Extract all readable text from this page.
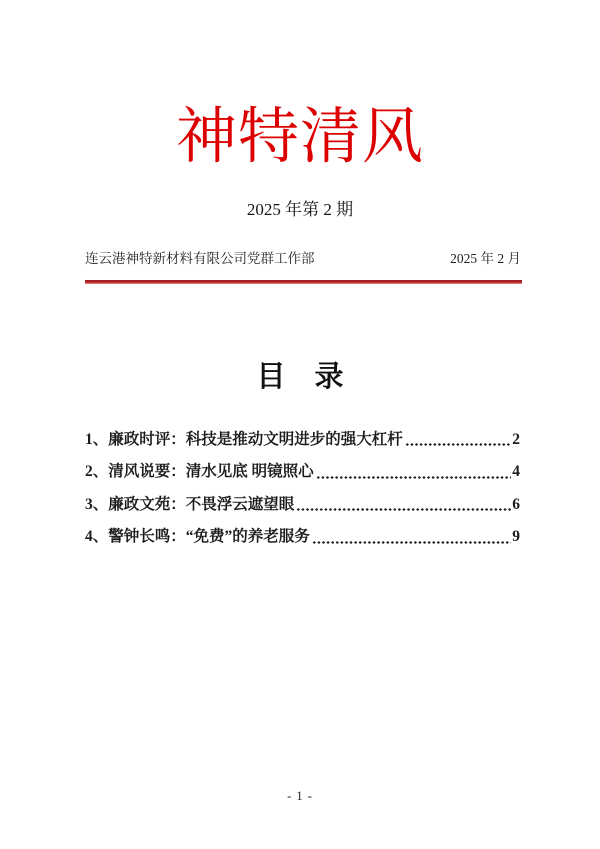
神特清风
2025 年第 2 期
连云港神特新材料有限公司党群工作部	2025 年 2 月
目　录
1、廉政时评：科技是推动文明进步的强大杠杆	2
2、清风说要：清水见底 明镜照心	4
3、廉政文苑：不畏浮云遮望眼	6
4、警钟长鸣：“免费”的养老服务	9
- 1 -
